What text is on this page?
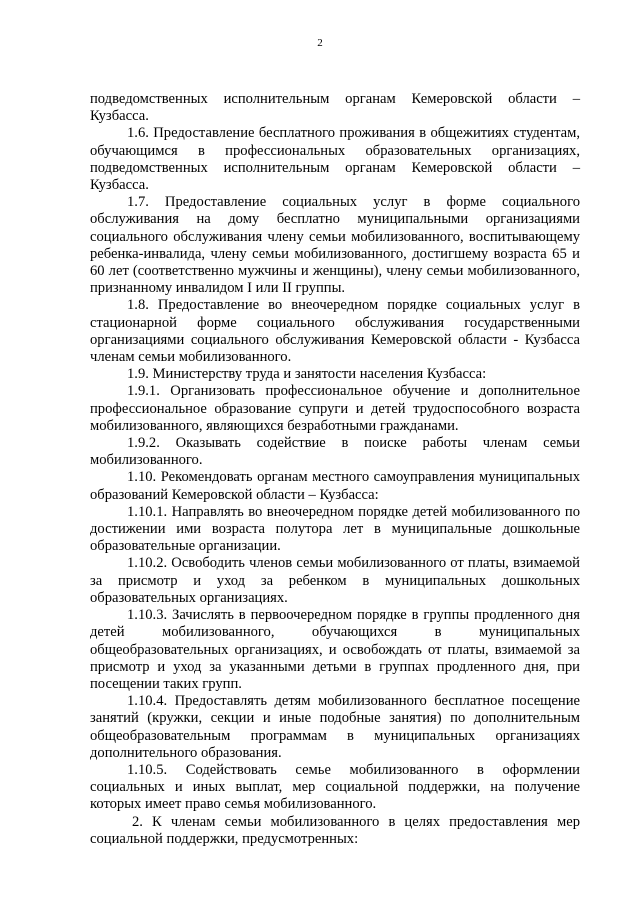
2

подведомственных исполнительным органам Кемеровской области – Кузбасса.

1.6. Предоставление бесплатного проживания в общежитиях студентам, обучающимся в профессиональных образовательных организациях, подведомственных исполнительным органам Кемеровской области – Кузбасса.

1.7. Предоставление социальных услуг в форме социального обслуживания на дому бесплатно муниципальными организациями социального обслуживания члену семьи мобилизованного, воспитывающему ребенка-инвалида, члену семьи мобилизованного, достигшему возраста 65 и 60 лет (соответственно мужчины и женщины), члену семьи мобилизованного, признанному инвалидом I или II группы.

1.8. Предоставление во внеочередном порядке социальных услуг в стационарной форме социального обслуживания государственными организациями социального обслуживания Кемеровской области - Кузбасса членам семьи мобилизованного.

1.9. Министерству труда и занятости населения Кузбасса:

1.9.1. Организовать профессиональное обучение и дополнительное профессиональное образование супруги и детей трудоспособного возраста мобилизованного, являющихся безработными гражданами.

1.9.2. Оказывать содействие в поиске работы членам семьи мобилизованного.

1.10. Рекомендовать органам местного самоуправления муниципальных образований Кемеровской области – Кузбасса:

1.10.1. Направлять во внеочередном порядке детей мобилизованного по достижении ими возраста полутора лет в муниципальные дошкольные образовательные организации.

1.10.2. Освободить членов семьи мобилизованного от платы, взимаемой за присмотр и уход за ребенком в муниципальных дошкольных образовательных организациях.

1.10.3. Зачислять в первоочередном порядке в группы продленного дня детей мобилизованного, обучающихся в муниципальных общеобразовательных организациях, и освобождать от платы, взимаемой за присмотр и уход за указанными детьми в группах продленного дня, при посещении таких групп.

1.10.4. Предоставлять детям мобилизованного бесплатное посещение занятий (кружки, секции и иные подобные занятия) по дополнительным общеобразовательным программам в муниципальных организациях дополнительного образования.

1.10.5. Содействовать семье мобилизованного в оформлении социальных и иных выплат, мер социальной поддержки, на получение которых имеет право семья мобилизованного.

2. К членам семьи мобилизованного в целях предоставления мер социальной поддержки, предусмотренных:
